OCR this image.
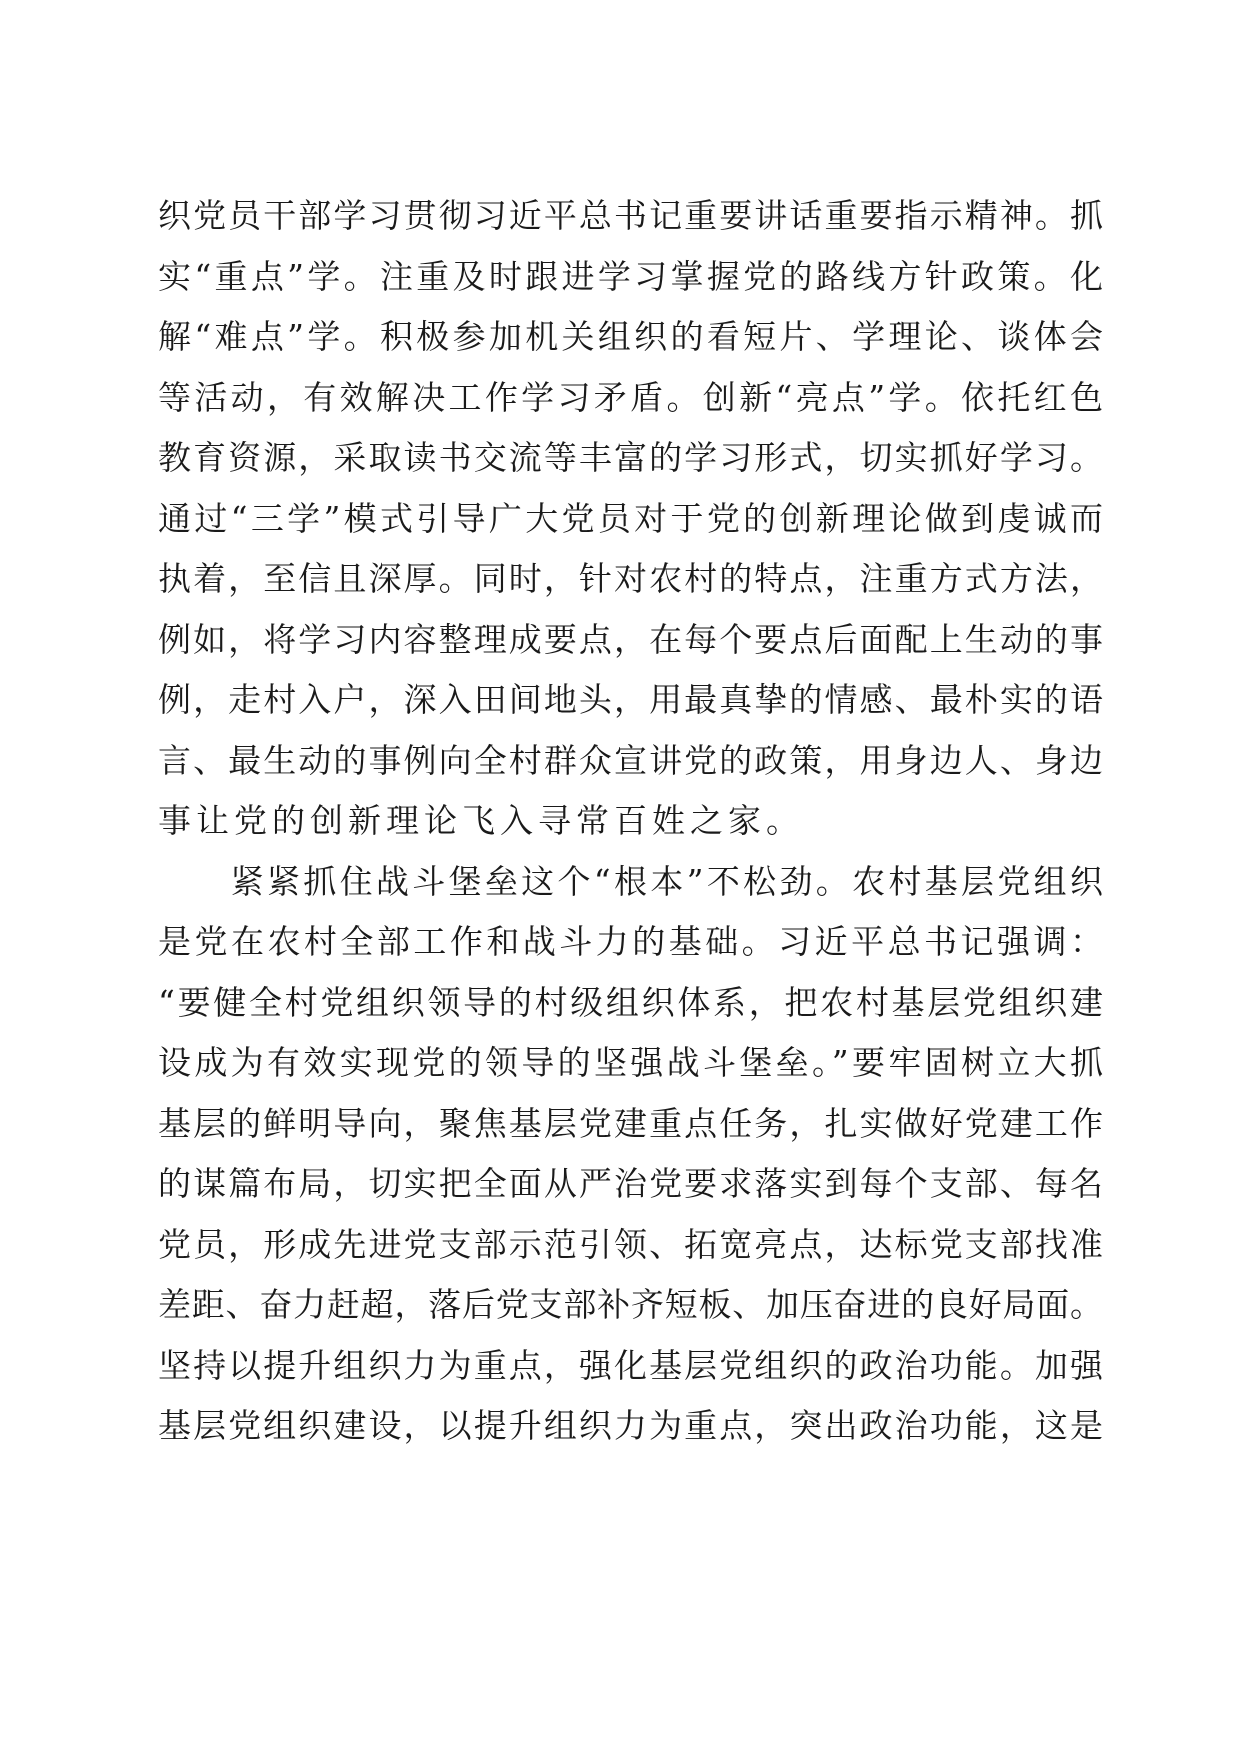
织党员干部学习贯彻习近平总书记重要讲话重要指示精神。抓
实“重点”学。注重及时跟进学习掌握党的路线方针政策。化
解“难点”学。积极参加机关组织的看短片、学理论、谈体会
等活动，有效解决工作学习矛盾。创新“亮点”学。依托红色
教育资源，采取读书交流等丰富的学习形式，切实抓好学习。
通过“三学”模式引导广大党员对于党的创新理论做到虔诚而
执着，至信且深厚。同时，针对农村的特点，注重方式方法，
例如，将学习内容整理成要点，在每个要点后面配上生动的事
例，走村入户，深入田间地头，用最真挚的情感、最朴实的语
言、最生动的事例向全村群众宣讲党的政策，用身边人、身边
事让党的创新理论飞入寻常百姓之家。
　　紧紧抓住战斗堡垒这个“根本”不松劲。农村基层党组织
是党在农村全部工作和战斗力的基础。习近平总书记强调：
“要健全村党组织领导的村级组织体系，把农村基层党组织建
设成为有效实现党的领导的坚强战斗堡垒。”要牢固树立大抓
基层的鲜明导向，聚焦基层党建重点任务，扎实做好党建工作
的谋篇布局，切实把全面从严治党要求落实到每个支部、每名
党员，形成先进党支部示范引领、拓宽亮点，达标党支部找准
差距、奋力赶超，落后党支部补齐短板、加压奋进的良好局面。
坚持以提升组织力为重点，强化基层党组织的政治功能。加强
基层党组织建设，以提升组织力为重点，突出政治功能，这是
